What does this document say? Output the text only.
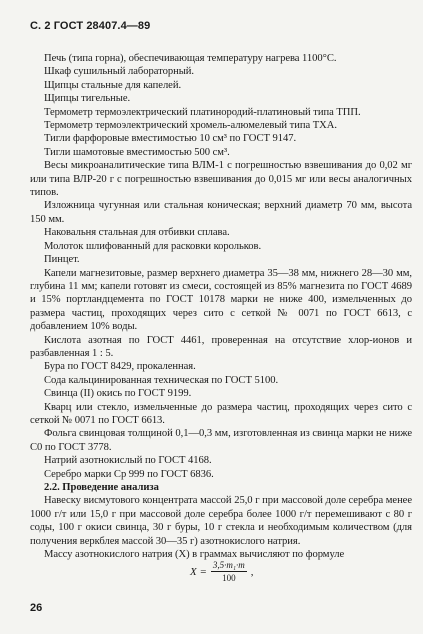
С. 2 ГОСТ 28407.4—89

Печь (типа горна), обеспечивающая температуру нагрева 1100°С.

Шкаф сушильный лабораторный.

Щипцы стальные для капелей.

Щипцы тигельные.

Термометр термоэлектрический платинородий-платиновый типа ТПП.

Термометр термоэлектрический хромель-алюмелевый типа ТХА.

Тигли фарфоровые вместимостью 10 см³ по ГОСТ 9147.

Тигли шамотовые вместимостью 500 см³.

Весы микроаналитические типа ВЛМ-1 с погрешностью взвешивания до 0,02 мг или типа ВЛР-20 г с погрешностью взвешивания до 0,015 мг или весы аналогичных типов.

Изложница чугунная или стальная коническая; верхний диаметр 70 мм, высота 150 мм.

Наковальня стальная для отбивки сплава.

Молоток шлифованный для расковки корольков.

Пинцет.

Капели магнезитовые, размер верхнего диаметра 35—38 мм, нижнего 28—30 мм, глубина 11 мм; капели готовят из смеси, состоящей из 85% магнезита по ГОСТ 4689 и 15% портландцемента по ГОСТ 10178 марки не ниже 400, измельченных до размера частиц, проходящих через сито с сеткой № 0071 по ГОСТ 6613, с добавлением 10% воды.

Кислота азотная по ГОСТ 4461, проверенная на отсутствие хлор-ионов и разбавленная 1 : 5.

Бура по ГОСТ 8429, прокаленная.

Сода кальцинированная техническая по ГОСТ 5100.

Свинца (II) окись по ГОСТ 9199.

Кварц или стекло, измельченные до размера частиц, проходящих через сито с сеткой № 0071 по ГОСТ 6613.

Фольга свинцовая толщиной 0,1—0,3 мм, изготовленная из свинца марки не ниже С0 по ГОСТ 3778.

Натрий азотнокислый по ГОСТ 4168.

Серебро марки Ср 999 по ГОСТ 6836.

2.2. Проведение анализа

Навеску висмутового концентрата массой 25,0 г при массовой доле серебра менее 1000 г/т или 15,0 г при массовой доле серебра более 1000 г/т перемешивают с 80 г соды, 100 г окиси свинца, 30 г буры, 10 г стекла и необходимым количеством (для получения веркблея массой 30—35 г) азотнокислого натрия.

Массу азотнокислого натрия (X) в граммах вычисляют по формуле

$X = \frac{\text{3,5·m₁·m}}{100}$ ,
26
